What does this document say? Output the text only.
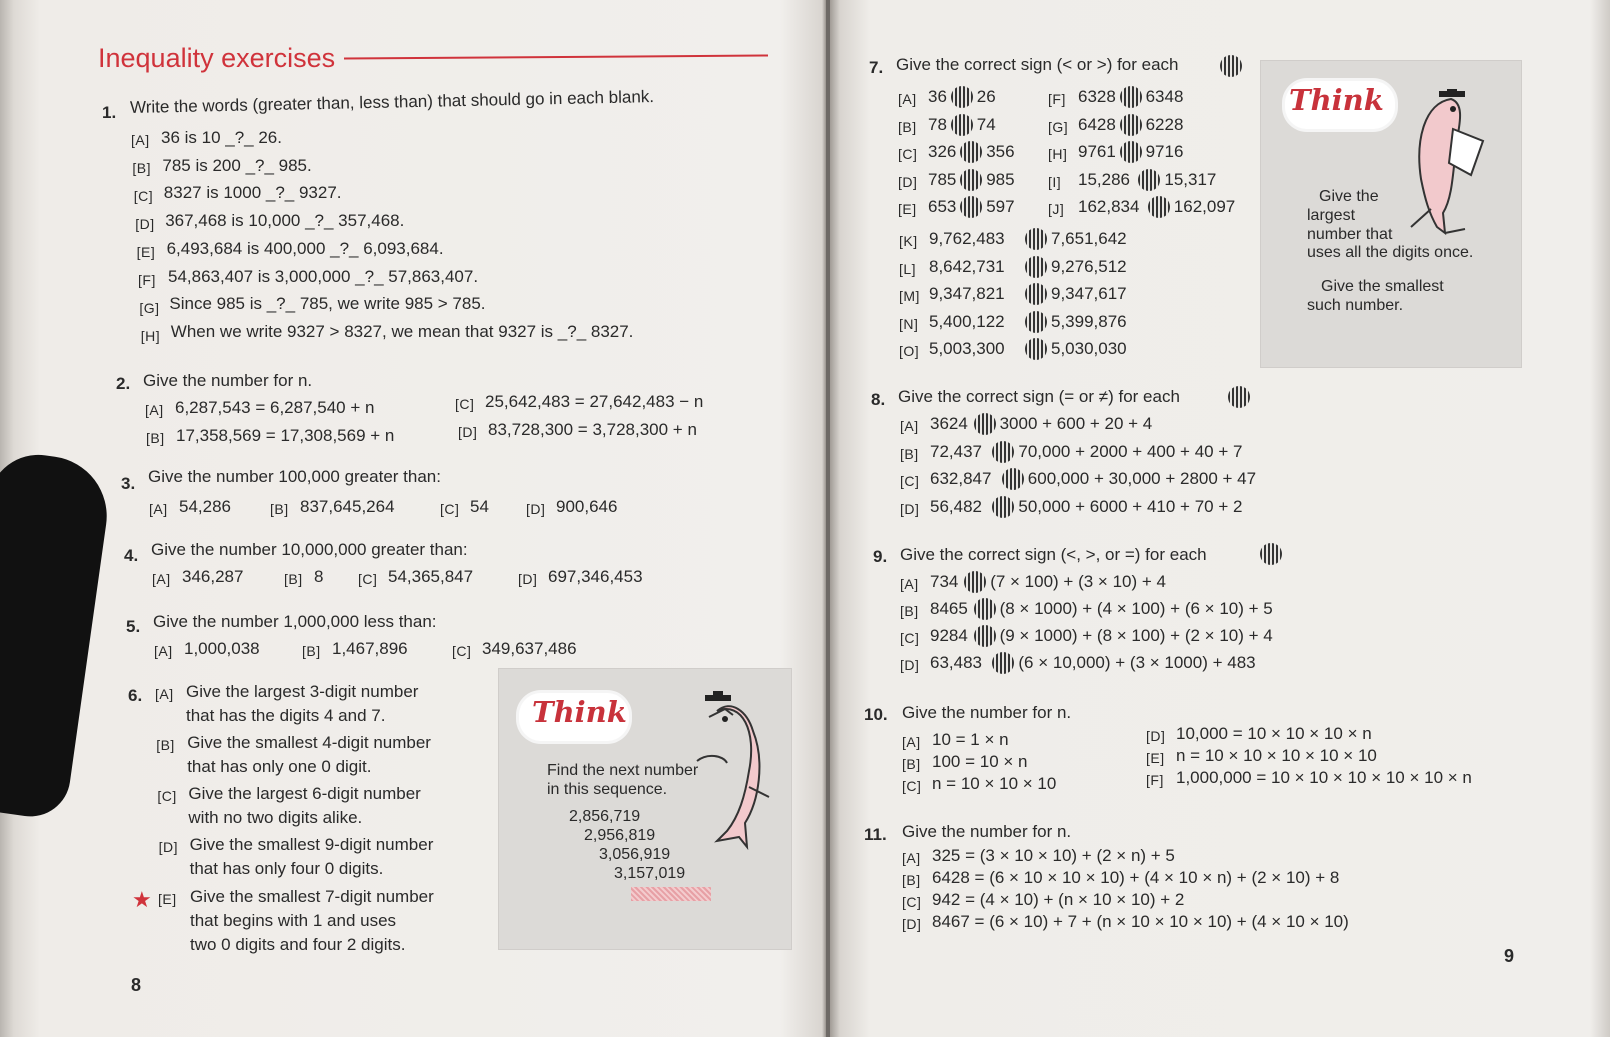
Inequality exercises
1. Write the words (greater than, less than) that should go in each blank.
[A] 36 is 10 _?_ 26.
[B] 785 is 200 _?_ 985.
[C] 8327 is 1000 _?_ 9327.
[D] 367,468 is 10,000 _?_ 357,468.
[E] 6,493,684 is 400,000 _?_ 6,093,684.
[F] 54,863,407 is 3,000,000 _?_ 57,863,407.
[G] Since 985 is _?_ 785, we write 985 > 785.
[H] When we write 9327 > 8327, we mean that 9327 is _?_ 8327.
2. Give the number for n.
[A] 6,287,543 = 6,287,540 + n	[C] 25,642,483 = 27,642,483 − n
[B] 17,358,569 = 17,308,569 + n	[D] 83,728,300 = 3,728,300 + n
3. Give the number 100,000 greater than:
[A] 54,286	[B] 837,645,264	[C] 54	[D] 900,646
4. Give the number 10,000,000 greater than:
[A] 346,287	[B] 8 [C] 54,365,847	[D] 697,346,453
5. Give the number 1,000,000 less than:
[A] 1,000,038	[B] 1,467,896	[C] 349,637,486
6. [A] Give the largest 3-digit number
that has the digits 4 and 7.
[B] Give the smallest 4-digit number
that has only one 0 digit.
[C] Give the largest 6-digit number
with no two digits alike.
[D] Give the smallest 9-digit number
that has only four 0 digits.
★ [E] Give the smallest 7-digit number
that begins with 1 and uses
two 0 digits and four 2 digits.
Think
Find the next number
in this sequence.
2,856,719
2,956,819
3,056,919
3,157,019
8
7. Give the correct sign (< or >) for each
[A] 36 26
[B] 78 74
[C] 326 356
[D] 785 985
[E] 653 597
[F] 6328 6348
[G] 6428 6228
[H] 9761 9716
[I] 15,286 15,317
[J] 162,834 162,097
[K] 9,762,483	7,651,642
[L] 8,642,731	9,276,512
[M] 9,347,821	9,347,617
[N] 5,400,122	5,399,876
[O] 5,003,300	5,030,030
Think
Give the
largest
number that
uses all the digits once.
Give the smallest
such number.
8. Give the correct sign (= or ≠) for each
[A] 3624 3000 + 600 + 20 + 4
[B] 72,437 70,000 + 2000 + 400 + 40 + 7
[C] 632,847 600,000 + 30,000 + 2800 + 47
[D] 56,482 50,000 + 6000 + 410 + 70 + 2
9. Give the correct sign (<, >, or =) for each
[A] 734 (7 × 100) + (3 × 10) + 4
[B] 8465 (8 × 1000) + (4 × 100) + (6 × 10) + 5
[C] 9284 (9 × 1000) + (8 × 100) + (2 × 10) + 4
[D] 63,483 (6 × 10,000) + (3 × 1000) + 483
10. Give the number for n.
[A] 10 = 1 × n
[B] 100 = 10 × n
[C] n = 10 × 10 × 10
[D] 10,000 = 10 × 10 × 10 × n
[E] n = 10 × 10 × 10 × 10 × 10
[F] 1,000,000 = 10 × 10 × 10 × 10 × 10 × n
11. Give the number for n.
[A] 325 = (3 × 10 × 10) + (2 × n) + 5
[B] 6428 = (6 × 10 × 10 × 10) + (4 × 10 × n) + (2 × 10) + 8
[C] 942 = (4 × 10) + (n × 10 × 10) + 2
[D] 8467 = (6 × 10) + 7 + (n × 10 × 10 × 10) + (4 × 10 × 10)
9
